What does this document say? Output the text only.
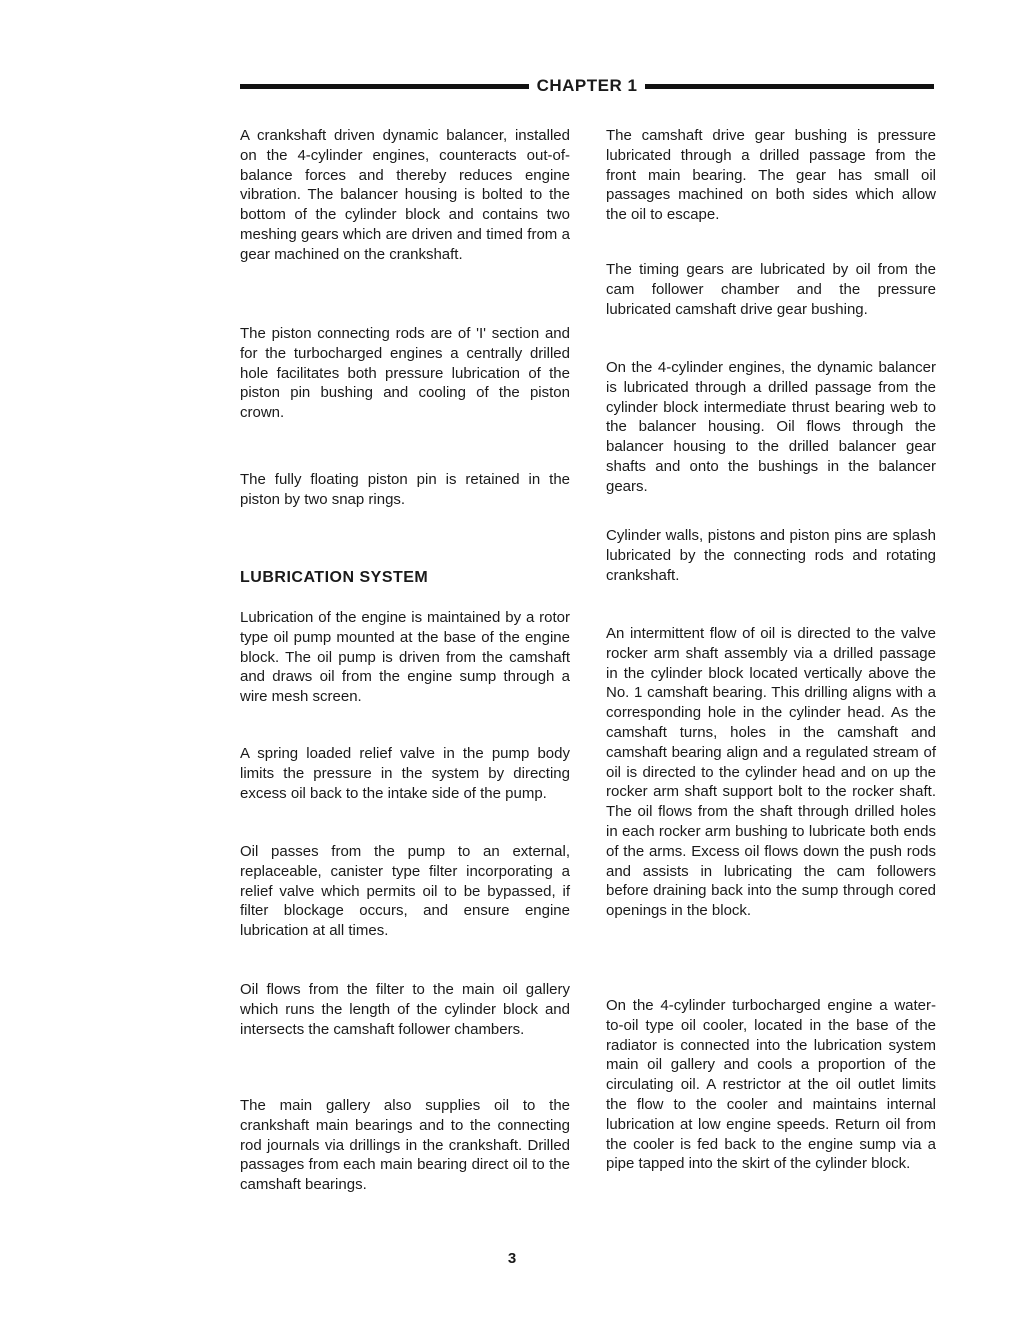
CHAPTER 1

A crankshaft driven dynamic balancer, installed on the 4-cylinder engines, counteracts out-of-balance forces and thereby reduces engine vibration. The balancer housing is bolted to the bottom of the cylinder block and contains two meshing gears which are driven and timed from a gear machined on the crankshaft.

The piston connecting rods are of 'I' section and for the turbocharged engines a centrally drilled hole facilitates both pressure lubrication of the piston pin bushing and cooling of the piston crown.

The fully floating piston pin is retained in the piston by two snap rings.

LUBRICATION SYSTEM

Lubrication of the engine is maintained by a rotor type oil pump mounted at the base of the engine block. The oil pump is driven from the camshaft and draws oil from the engine sump through a wire mesh screen.

A spring loaded relief valve in the pump body limits the pressure in the system by directing excess oil back to the intake side of the pump.

Oil passes from the pump to an external, replaceable, canister type filter incorporating a relief valve which permits oil to be bypassed, if filter blockage occurs, and ensure engine lubrication at all times.

Oil flows from the filter to the main oil gallery which runs the length of the cylinder block and intersects the camshaft follower chambers.

The main gallery also supplies oil to the crankshaft main bearings and to the connecting rod journals via drillings in the crankshaft. Drilled passages from each main bearing direct oil to the camshaft bearings.

The camshaft drive gear bushing is pressure lubricated through a drilled passage from the front main bearing. The gear has small oil passages machined on both sides which allow the oil to escape.

The timing gears are lubricated by oil from the cam follower chamber and the pressure lubricated camshaft drive gear bushing.

On the 4-cylinder engines, the dynamic balancer is lubricated through a drilled passage from the cylinder block intermediate thrust bearing web to the balancer housing. Oil flows through the balancer housing to the drilled balancer gear shafts and onto the bushings in the balancer gears.

Cylinder walls, pistons and piston pins are splash lubricated by the connecting rods and rotating crankshaft.

An intermittent flow of oil is directed to the valve rocker arm shaft assembly via a drilled passage in the cylinder block located vertically above the No. 1 camshaft bearing. This drilling aligns with a corresponding hole in the cylinder head. As the camshaft turns, holes in the camshaft and camshaft bearing align and a regulated stream of oil is directed to the cylinder head and on up the rocker arm shaft support bolt to the rocker shaft. The oil flows from the shaft through drilled holes in each rocker arm bushing to lubricate both ends of the arms. Excess oil flows down the push rods and assists in lubricating the cam followers before draining back into the sump through cored openings in the block.

On the 4-cylinder turbocharged engine a water-to-oil type oil cooler, located in the base of the radiator is connected into the lubrication system main oil gallery and cools a proportion of the circulating oil. A restrictor at the oil outlet limits the flow to the cooler and maintains internal lubrication at low engine speeds. Return oil from the cooler is fed back to the engine sump via a pipe tapped into the skirt of the cylinder block.

3
